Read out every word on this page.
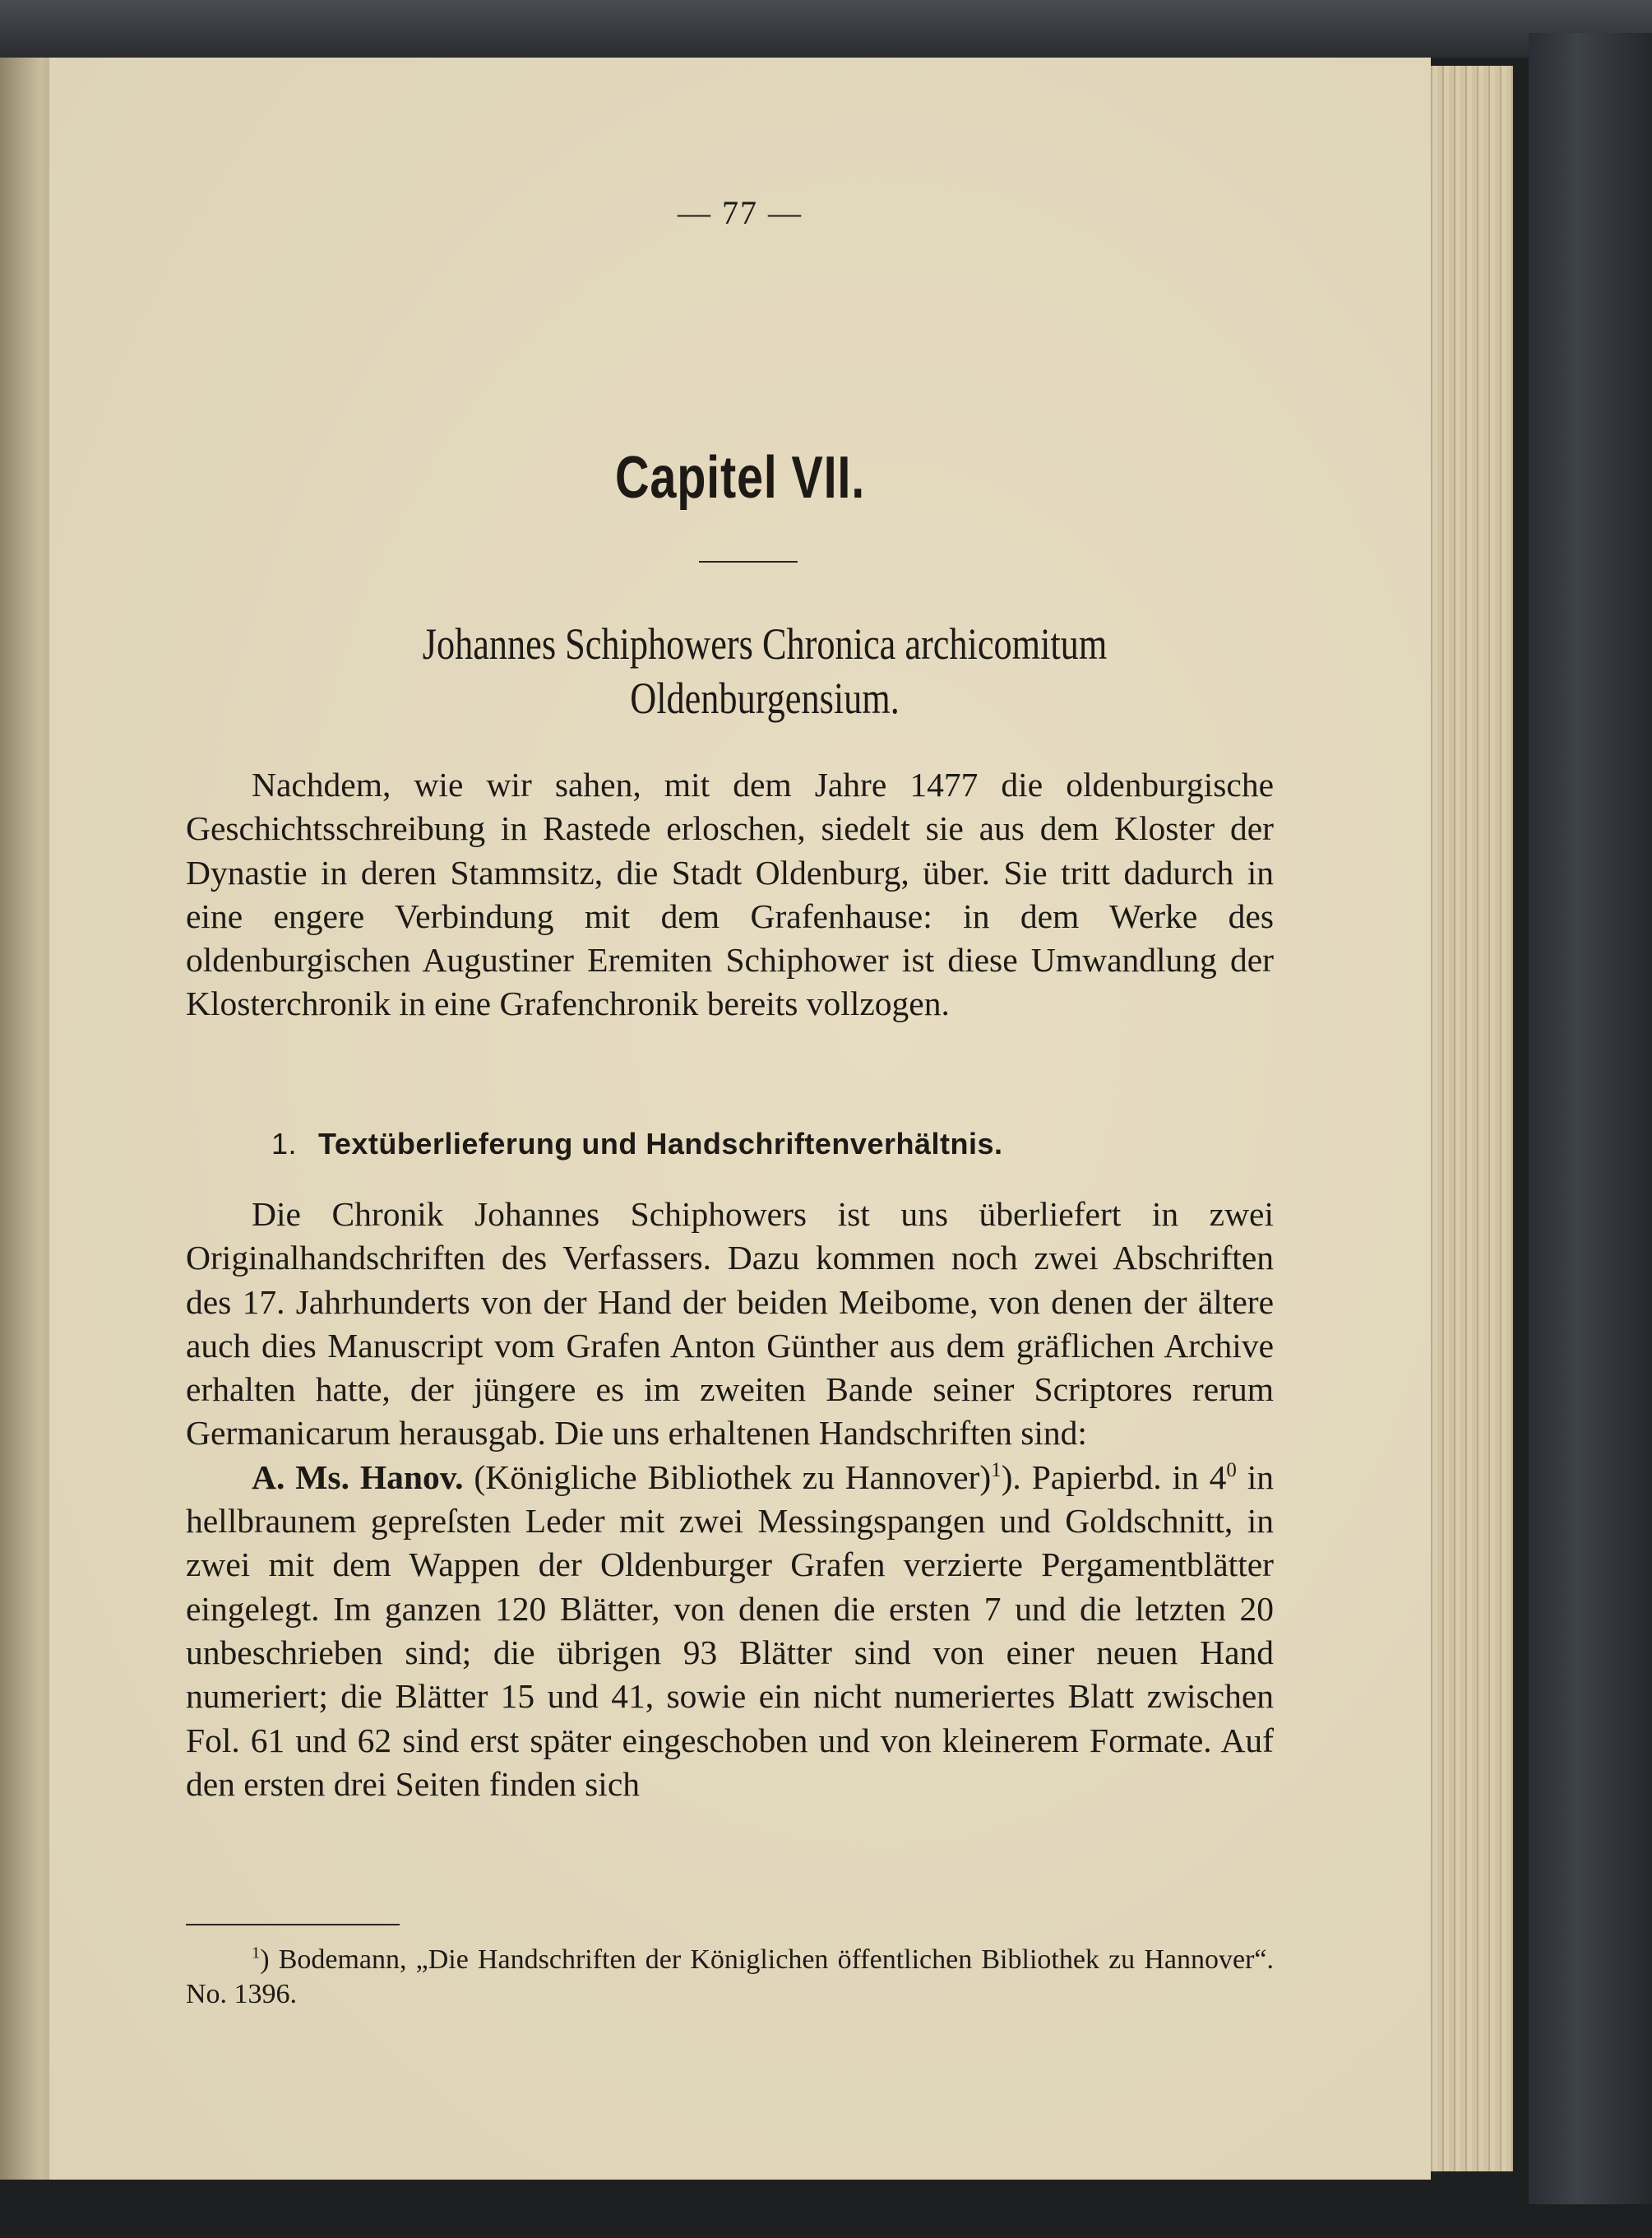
— 77 —
Capitel VII.
Johannes Schiphowers Chronica archicomitum
Oldenburgensium.

Nachdem, wie wir sahen, mit dem Jahre 1477 die oldenburgische Geschichtsschreibung in Rastede erloschen, siedelt sie aus dem Kloster der Dynastie in deren Stammsitz, die Stadt Oldenburg, über. Sie tritt dadurch in eine engere Verbindung mit dem Grafenhause: in dem Werke des oldenburgischen Augustiner Eremiten Schiphower ist diese Umwandlung der Klosterchronik in eine Grafenchronik bereits vollzogen.

1. Textüberlieferung und Handschriftenverhältnis.

Die Chronik Johannes Schiphowers ist uns überliefert in zwei Originalhandschriften des Verfassers. Dazu kommen noch zwei Abschriften des 17. Jahrhunderts von der Hand der beiden Meibome, von denen der ältere auch dies Manuscript vom Grafen Anton Günther aus dem gräflichen Archive erhalten hatte, der jüngere es im zweiten Bande seiner Scriptores rerum Germanicarum herausgab. Die uns erhaltenen Handschriften sind:

A. Ms. Hanov. (Königliche Bibliothek zu Hannover)$^1$). Papierbd. in $4^0$ in hellbraunem gepreſsten Leder mit zwei Messingspangen und Goldschnitt, in zwei mit dem Wappen der Oldenburger Grafen verzierte Pergamentblätter eingelegt. Im ganzen 120 Blätter, von denen die ersten 7 und die letzten 20 unbeschrieben sind; die übrigen 93 Blätter sind von einer neuen Hand numeriert; die Blätter 15 und 41, sowie ein nicht numeriertes Blatt zwischen Fol. 61 und 62 sind erst später eingeschoben und von kleinerem Formate. Auf den ersten drei Seiten finden sich

$^1$) Bodemann, „Die Handschriften der Königlichen öffentlichen Bibliothek zu Hannover“. No. 1396.
